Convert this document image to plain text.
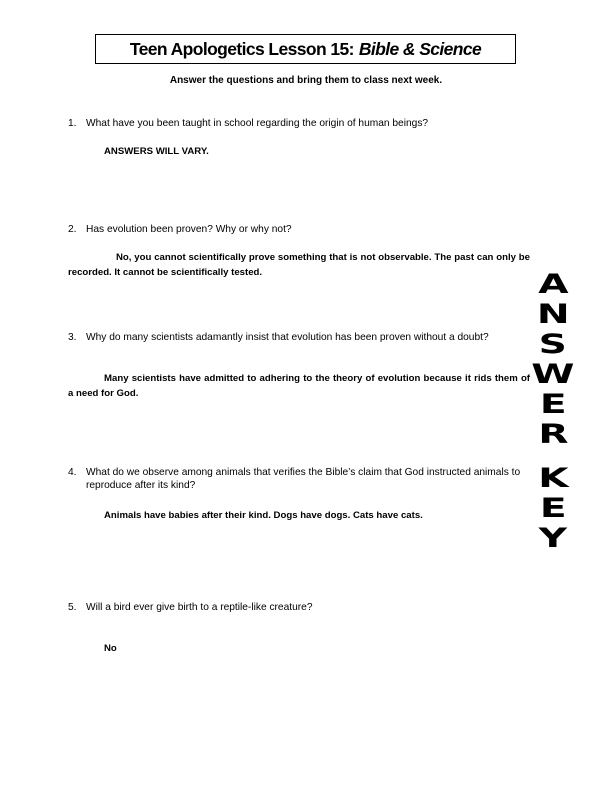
Teen Apologetics Lesson 15: Bible & Science
Answer the questions and bring them to class next week.
1. What have you been taught in school regarding the origin of human beings?
ANSWERS WILL VARY.
2. Has evolution been proven? Why or why not?
No, you cannot scientifically prove something that is not observable. The past can only be recorded. It cannot be scientifically tested.
3. Why do many scientists adamantly insist that evolution has been proven without a doubt?
Many scientists have admitted to adhering to the theory of evolution because it rids them of a need for God.
4. What do we observe among animals that verifies the Bible’s claim that God instructed animals to reproduce after its kind?
Animals have babies after their kind. Dogs have dogs. Cats have cats.
5. Will a bird ever give birth to a reptile-like creature?
No
A
N
S
W
E
R
K
E
Y
